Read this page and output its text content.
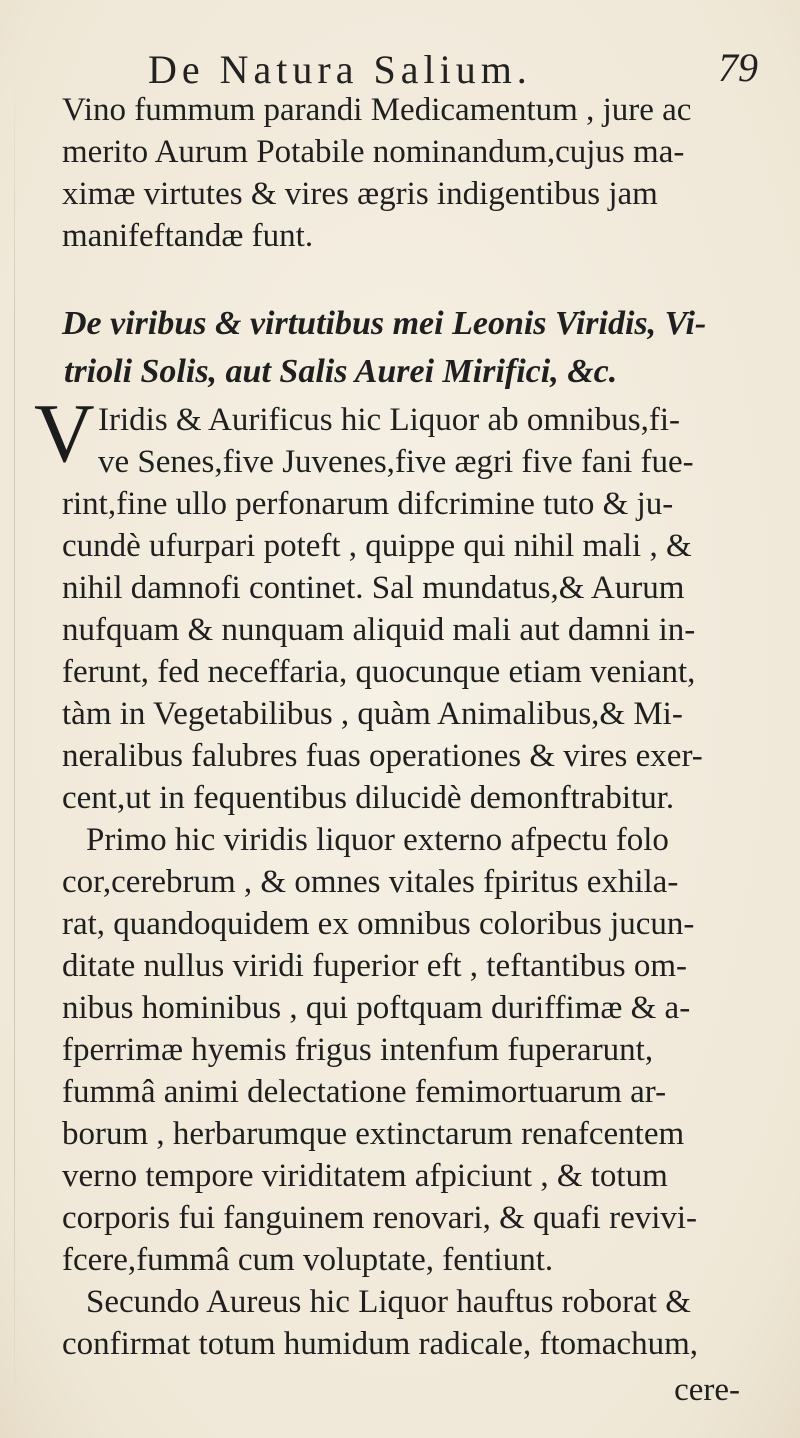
De Natura Salium.	79
Vino fummum parandi Medicamentum , jure ac
merito Aurum Potabile nominandum,cujus ma-
ximæ virtutes & vires ægris indigentibus jam
manifeftandæ funt.
De viribus & virtutibus mei Leonis Viridis, Vi-
trioli Solis, aut Salis Aurei Mirifici, &c.
V Iridis & Aurificus hic Liquor ab omnibus,fi-
ve Senes,five Juvenes,five ægri five fani fue-
rint,fine ullo perfonarum difcrimine tuto & ju-
cundè ufurpari poteft , quippe qui nihil mali , &
nihil damnofi continet. Sal mundatus,& Aurum
nufquam & nunquam aliquid mali aut damni in-
ferunt, fed neceffaria, quocunque etiam veniant,
tàm in Vegetabilibus , quàm Animalibus,& Mi-
neralibus falubres fuas operationes & vires exer-
cent,ut in fequentibus dilucidè demonftrabitur.
Primo hic viridis liquor externo afpectu folo
cor,cerebrum , & omnes vitales fpiritus exhila-
rat, quandoquidem ex omnibus coloribus jucun-
ditate nullus viridi fuperior eft , teftantibus om-
nibus hominibus , qui poftquam duriffimæ & a-
fperrimæ hyemis frigus intenfum fuperarunt,
fummâ animi delectatione femimortuarum ar-
borum , herbarumque extinctarum renafcentem
verno tempore viriditatem afpiciunt , & totum
corporis fui fanguinem renovari, & quafi revivi-
fcere,fummâ cum voluptate, fentiunt.
Secundo Aureus hic Liquor hauftus roborat &
confirmat totum humidum radicale, ftomachum,
cere-
